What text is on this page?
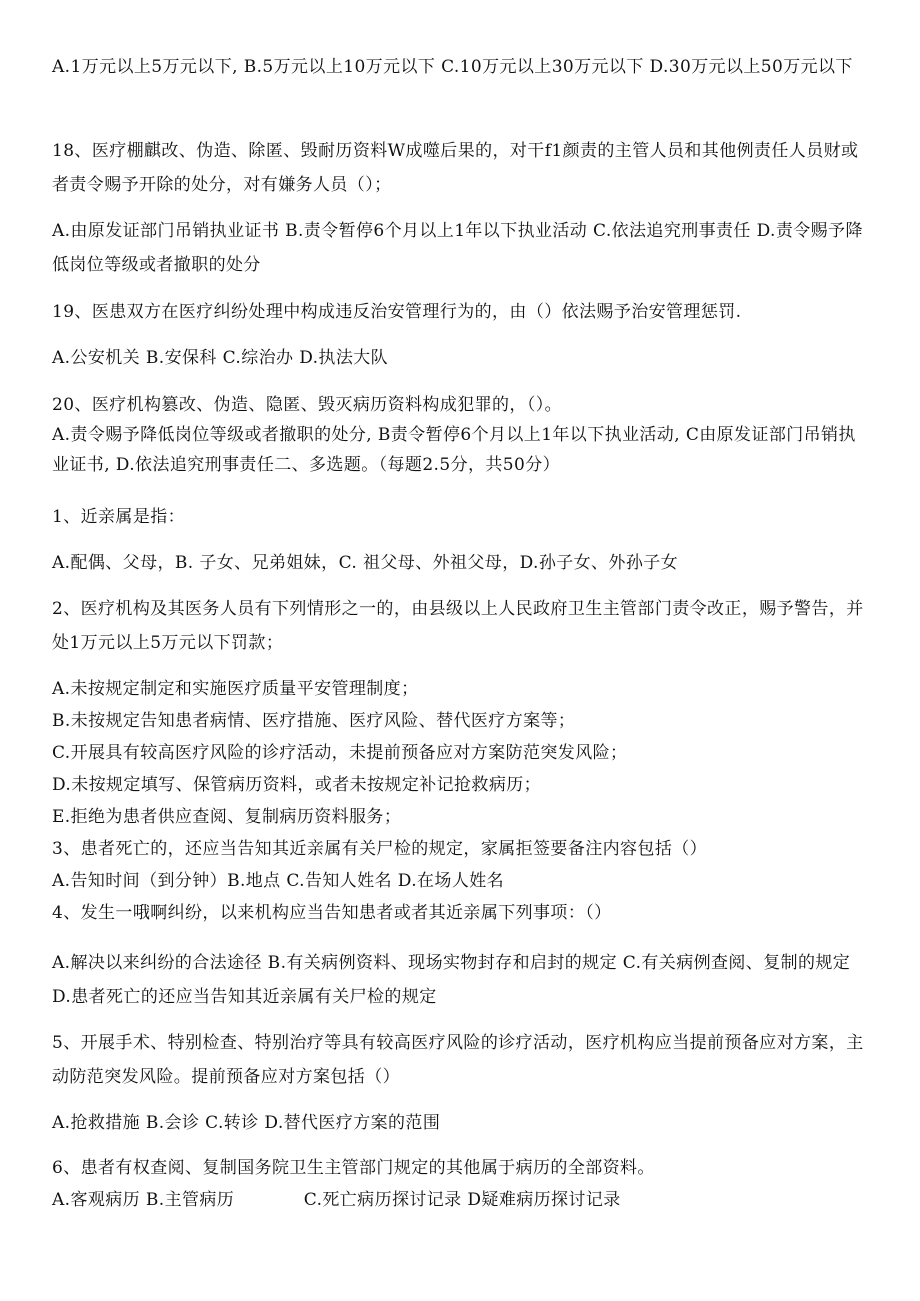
A.1万元以上5万元以下, B.5万元以上10万元以下 C.10万元以上30万元以下 D.30万元以上50万元以下

18、医疗棚麒改、伪造、除匿、毁耐历资料W成噬后果的，对干f1颜责的主管人员和其他例责任人员财或者责令赐予开除的处分，对有嫌务人员（）；

A.由原发证部门吊销执业证书 B.责令暂停6个月以上1年以下执业活动 C.依法追究刑事责任 D.责令赐予降低岗位等级或者撤职的处分

19、医患双方在医疗纠纷处理中构成违反治安管理行为的，由（）依法赐予治安管理惩罚.

A.公安机关 B.安保科 C.综治办 D.执法大队

20、医疗机构篡改、伪造、隐匿、毁灭病历资料构成犯罪的，（）。

A.责令赐予降低岗位等级或者撤职的处分, B责令暂停6个月以上1年以下执业活动, C由原发证部门吊销执业证书, D.依法追究刑事责任二、多选题。（每题2.5分，共50分）

1、近亲属是指：

A.配偶、父母，B. 子女、兄弟姐妹，C. 祖父母、外祖父母，D.孙子女、外孙子女

2、医疗机构及其医务人员有下列情形之一的，由县级以上人民政府卫生主管部门责令改正，赐予警告，并处1万元以上5万元以下罚款；

A.未按规定制定和实施医疗质量平安管理制度；

B.未按规定告知患者病情、医疗措施、医疗风险、替代医疗方案等；

C.开展具有较高医疗风险的诊疗活动，未提前预备应对方案防范突发风险；

D.未按规定填写、保管病历资料，或者未按规定补记抢救病历；

E.拒绝为患者供应查阅、复制病历资料服务；

3、患者死亡的，还应当告知其近亲属有关尸检的规定，家属拒签要备注内容包括（）

A.告知时间（到分钟）B.地点 C.告知人姓名 D.在场人姓名

4、发生一哦啊纠纷，以来机构应当告知患者或者其近亲属下列事项：（）

A.解决以来纠纷的合法途径 B.有关病例资料、现场实物封存和启封的规定 C.有关病例查阅、复制的规定 D.患者死亡的还应当告知其近亲属有关尸检的规定

5、开展手术、特别检查、特别治疗等具有较高医疗风险的诊疗活动，医疗机构应当提前预备应对方案，主动防范突发风险。提前预备应对方案包括（）

A.抢救措施 B.会诊 C.转诊 D.替代医疗方案的范围

6、患者有权查阅、复制国务院卫生主管部门规定的其他属于病历的全部资料。

A.客观病历 B.主管病历　　　　C.死亡病历探讨记录 D疑难病历探讨记录
